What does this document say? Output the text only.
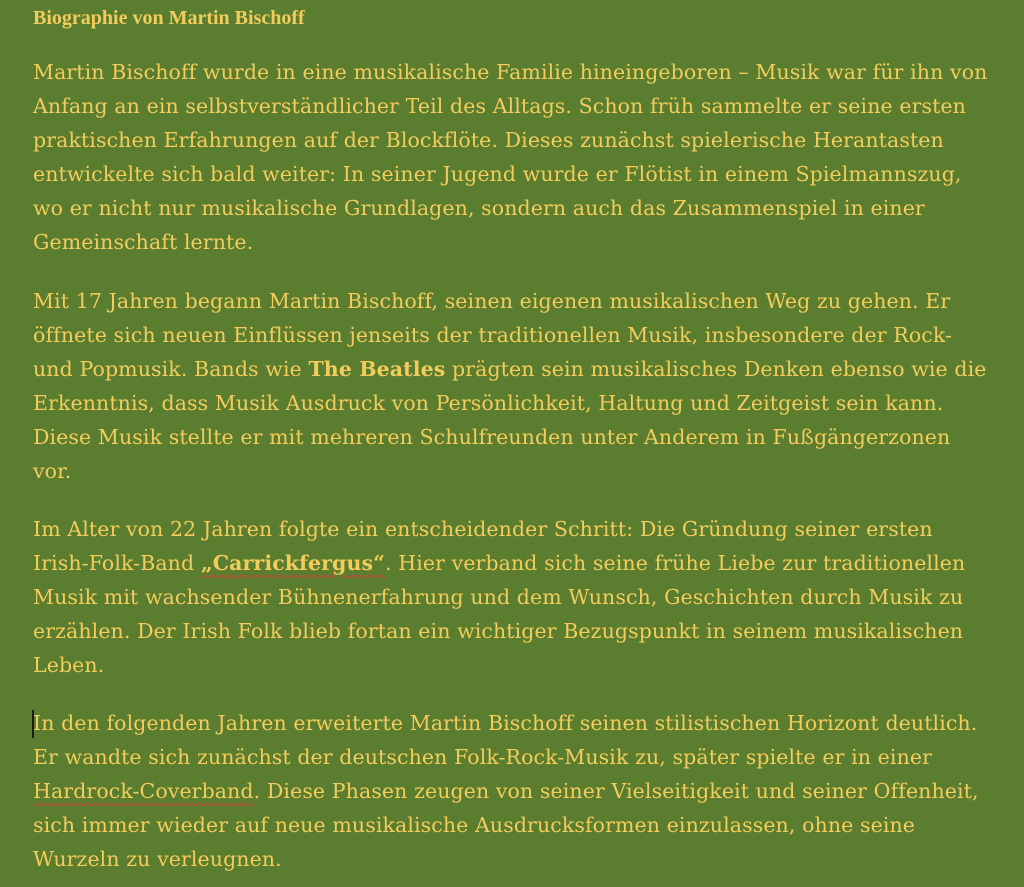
Biographie von Martin Bischoff

Martin Bischoff wurde in eine musikalische Familie hineingeboren – Musik war für ihn von Anfang an ein selbstverständlicher Teil des Alltags. Schon früh sammelte er seine ersten praktischen Erfahrungen auf der Blockflöte. Dieses zunächst spielerische Herantasten entwickelte sich bald weiter: In seiner Jugend wurde er Flötist in einem Spielmannszug, wo er nicht nur musikalische Grundlagen, sondern auch das Zusammenspiel in einer Gemeinschaft lernte.

Mit 17 Jahren begann Martin Bischoff, seinen eigenen musikalischen Weg zu gehen. Er öffnete sich neuen Einflüssen jenseits der traditionellen Musik, insbesondere der Rock- und Popmusik. Bands wie The Beatles prägten sein musikalisches Denken ebenso wie die Erkenntnis, dass Musik Ausdruck von Persönlichkeit, Haltung und Zeitgeist sein kann. Diese Musik stellte er mit mehreren Schulfreunden unter Anderem in Fußgängerzonen vor.

Im Alter von 22 Jahren folgte ein entscheidender Schritt: Die Gründung seiner ersten Irish-Folk-Band „Carrickfergus“. Hier verband sich seine frühe Liebe zur traditionellen Musik mit wachsender Bühnenerfahrung und dem Wunsch, Geschichten durch Musik zu erzählen. Der Irish Folk blieb fortan ein wichtiger Bezugspunkt in seinem musikalischen Leben.

In den folgenden Jahren erweiterte Martin Bischoff seinen stilistischen Horizont deutlich. Er wandte sich zunächst der deutschen Folk-Rock-Musik zu, später spielte er in einer Hardrock-Coverband. Diese Phasen zeugen von seiner Vielseitigkeit und seiner Offenheit, sich immer wieder auf neue musikalische Ausdrucksformen einzulassen, ohne seine Wurzeln zu verleugnen.
